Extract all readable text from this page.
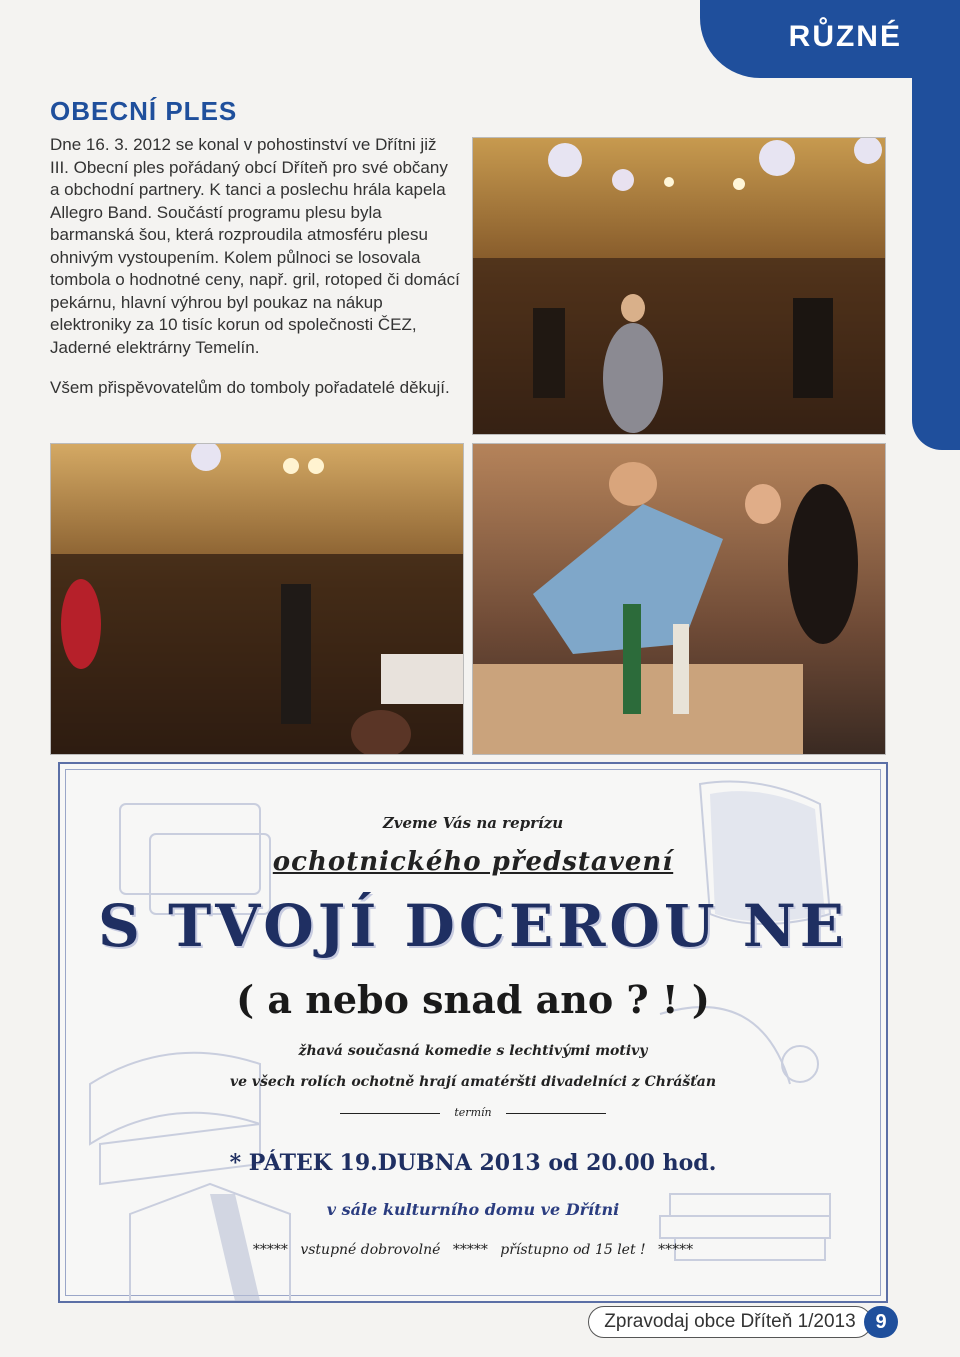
RŮZNÉ
OBECNÍ PLES

Dne 16. 3. 2012 se konal v pohostinství ve Dřítni již III. Obecní ples pořádaný obcí Dříteň pro své občany a obchodní partnery. K tanci a poslechu hrála kapela Allegro Band. Součástí programu plesu byla barmanská šou, která rozproudila atmosféru plesu ohnivým vystoupením. Kolem půlnoci se losovala tombola o hodnotné ceny, např. gril, rotoped či domácí pekárnu, hlavní výhrou byl poukaz na nákup elektroniky za 10 tisíc korun od společnosti ČEZ, Jaderné elektrárny Temelín.

Všem přispěvovatelům do tomboly pořadatelé děkují.

Zveme Vás na reprízu
ochotnického představení
S TVOJÍ DCEROU NE
( a nebo snad ano ? ! )
žhavá současná komedie s lechtivými motivy
ve všech rolích ochotně hrají amatéršti divadelníci z Chrášťan
termín
* PÁTEK 19.DUBNA 2013 od 20.00 hod.
v sále kulturního domu ve Dřítni
***** vstupné dobrovolné ***** přístupno od 15 let ! *****
Zpravodaj obce Dříteň 1/2013 9
